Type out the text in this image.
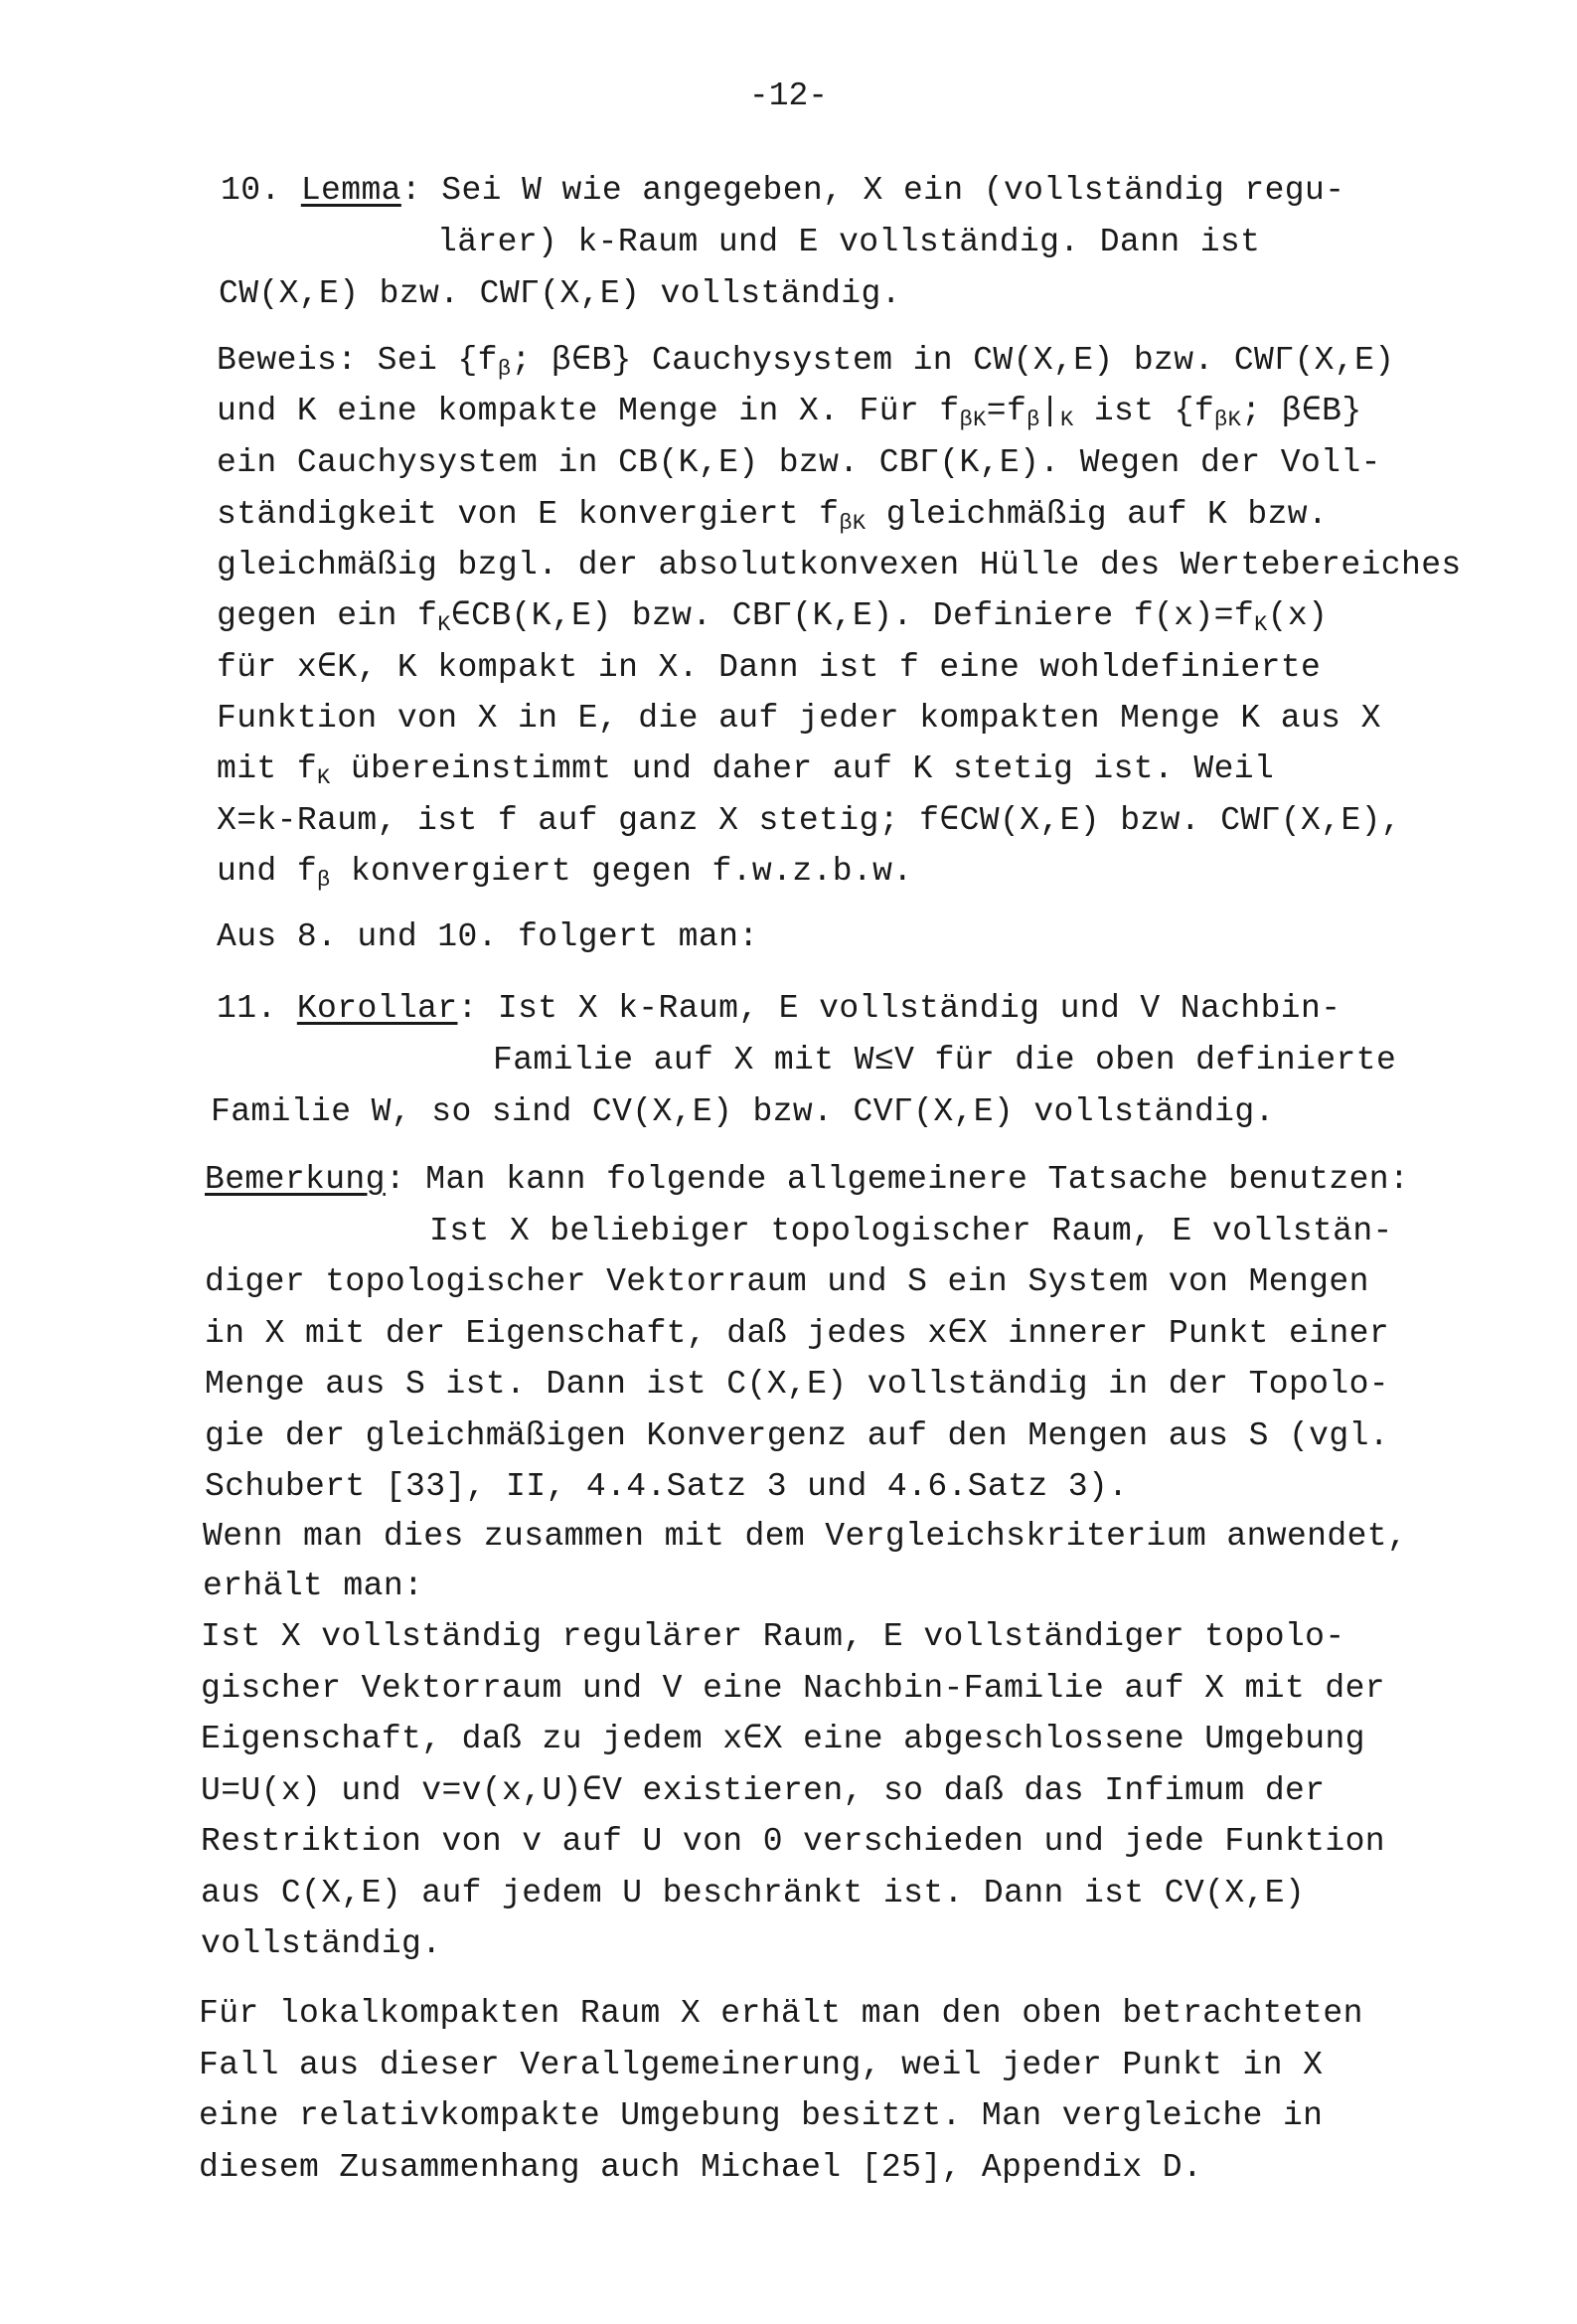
-12-
10. Lemma: Sei W wie angegeben, X ein (vollständig regu-
lärer) k-Raum und E vollständig. Dann ist
CW(X,E) bzw. CWΓ(X,E) vollständig.
Beweis: Sei {$f_\beta$; β∈B} Cauchysystem in CW(X,E) bzw. CWΓ(X,E)
und K eine kompakte Menge in X. Für $f_{\beta K}=f_\beta|_K$ ist {$f_{\beta K}$; β∈B}
ein Cauchysystem in CB(K,E) bzw. CBΓ(K,E). Wegen der Voll-
ständigkeit von E konvergiert $f_{\beta K}$ gleichmäßig auf K bzw.
gleichmäßig bzgl. der absolutkonvexen Hülle des Wertebereiches
gegen ein $f_K\in CB(K,E)$ bzw. CBΓ(K,E). Definiere $f(x)=f_K(x)$
für x∈K, K kompakt in X. Dann ist f eine wohldefinierte
Funktion von X in E, die auf jeder kompakten Menge K aus X
mit $f_K$ übereinstimmt und daher auf K stetig ist. Weil
X=k-Raum, ist f auf ganz X stetig; f∈CW(X,E) bzw. CWΓ(X,E),
und $f_\beta$ konvergiert gegen f.w.z.b.w.
Aus 8. und 10. folgert man:
11. Korollar: Ist X k-Raum, E vollständig und V Nachbin-
Familie auf X mit W≤V für die oben definierte
Familie W, so sind CV(X,E) bzw. CVΓ(X,E) vollständig.
Bemerkung: Man kann folgende allgemeinere Tatsache benutzen:
Ist X beliebiger topologischer Raum, E vollstän-
diger topologischer Vektorraum und S ein System von Mengen
in X mit der Eigenschaft, daß jedes x∈X innerer Punkt einer
Menge aus S ist. Dann ist C(X,E) vollständig in der Topolo-
gie der gleichmäßigen Konvergenz auf den Mengen aus S (vgl.
Schubert [33], II, 4.4.Satz 3 und 4.6.Satz 3).
Wenn man dies zusammen mit dem Vergleichskriterium anwendet,
erhält man:
Ist X vollständig regulärer Raum, E vollständiger topolo-
gischer Vektorraum und V eine Nachbin-Familie auf X mit der
Eigenschaft, daß zu jedem x∈X eine abgeschlossene Umgebung
U=U(x) und v=v(x,U)∈V existieren, so daß das Infimum der
Restriktion von v auf U von 0 verschieden und jede Funktion
aus C(X,E) auf jedem U beschränkt ist. Dann ist CV(X,E)
vollständig.
Für lokalkompakten Raum X erhält man den oben betrachteten
Fall aus dieser Verallgemeinerung, weil jeder Punkt in X
eine relativkompakte Umgebung besitzt. Man vergleiche in
diesem Zusammenhang auch Michael [25], Appendix D.
